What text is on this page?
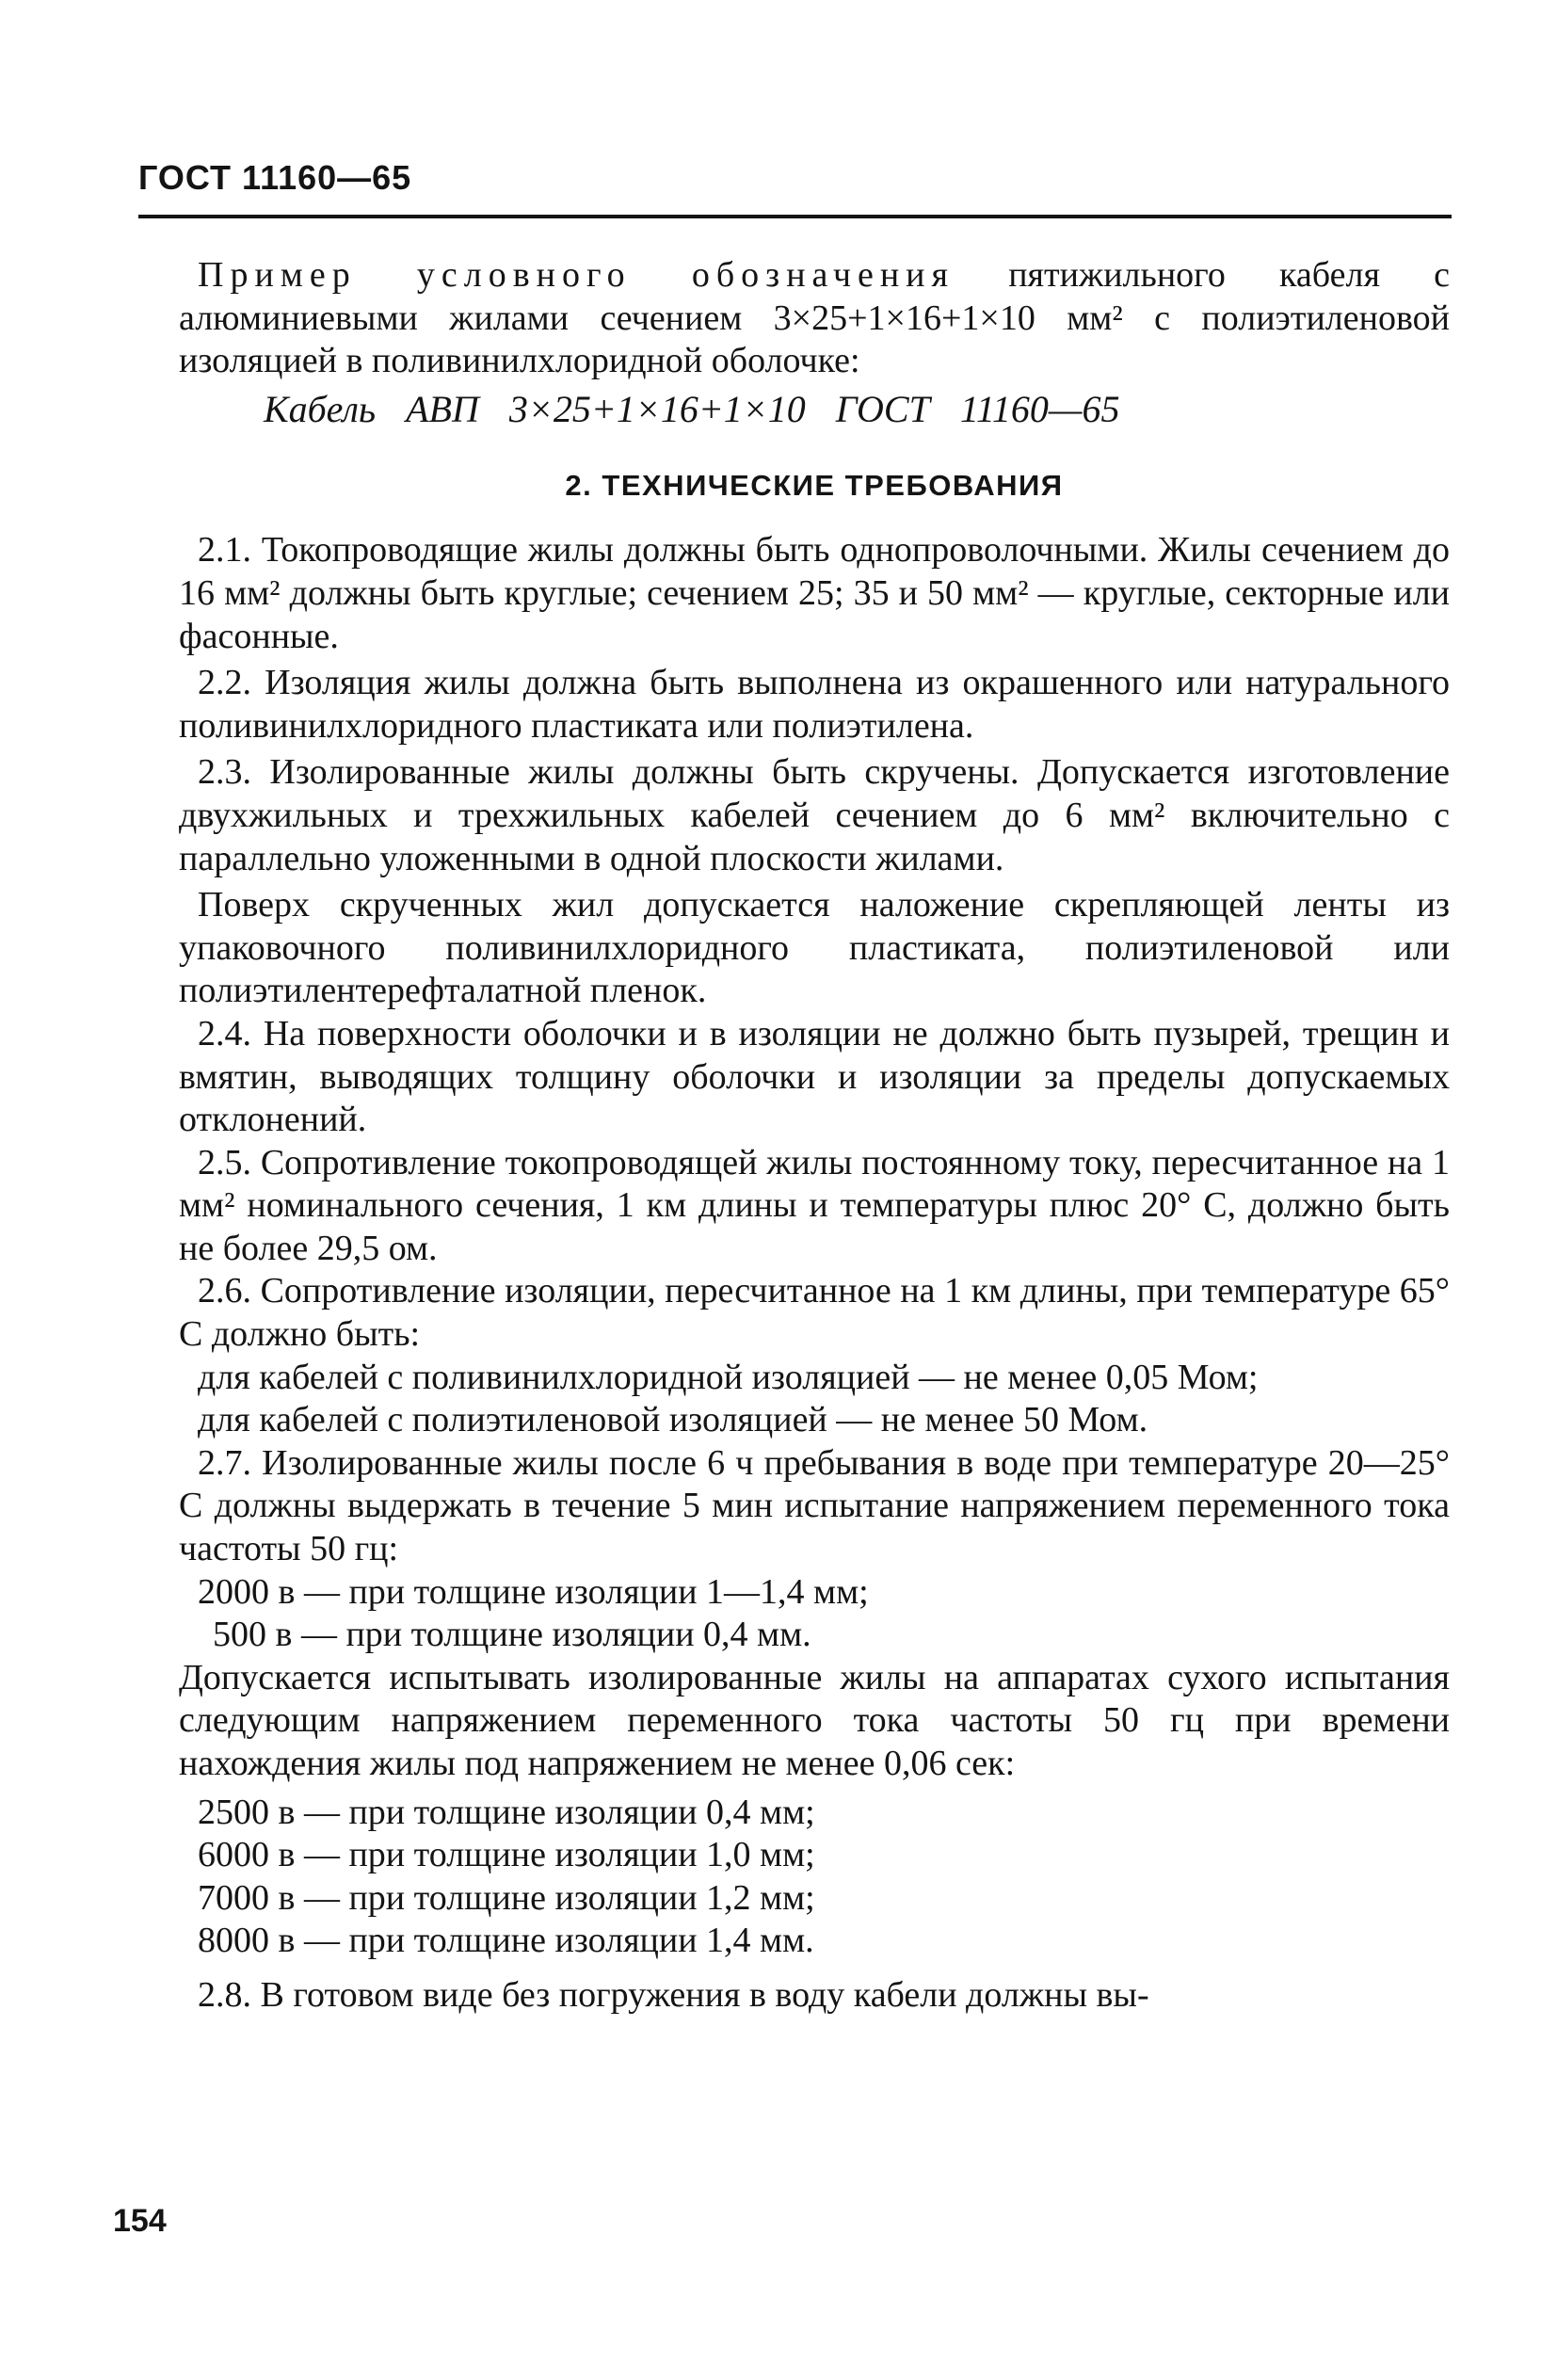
ГОСТ 11160—65

Пример условного обозначения пятижильного кабеля с алюминиевыми жилами сечением 3×25+1×16+1×10 мм² с полиэтиленовой изоляцией в поливинилхлоридной оболочке:

Кабель АВП 3×25+1×16+1×10 ГОСТ 11160—65

2. ТЕХНИЧЕСКИЕ ТРЕБОВАНИЯ

2.1. Токопроводящие жилы должны быть однопроволочными. Жилы сечением до 16 мм² должны быть круглые; сечением 25; 35 и 50 мм² — круглые, секторные или фасонные.

2.2. Изоляция жилы должна быть выполнена из окрашенного или натурального поливинилхлоридного пластиката или полиэтилена.

2.3. Изолированные жилы должны быть скручены. Допускается изготовление двухжильных и трехжильных кабелей сечением до 6 мм² включительно с параллельно уложенными в одной плоскости жилами.

Поверх скрученных жил допускается наложение скрепляющей ленты из упаковочного поливинилхлоридного пластиката, полиэтиленовой или полиэтилентерефталатной пленок.

2.4. На поверхности оболочки и в изоляции не должно быть пузырей, трещин и вмятин, выводящих толщину оболочки и изоляции за пределы допускаемых отклонений.

2.5. Сопротивление токопроводящей жилы постоянному току, пересчитанное на 1 мм² номинального сечения, 1 км длины и температуры плюс 20° С, должно быть не более 29,5 ом.

2.6. Сопротивление изоляции, пересчитанное на 1 км длины, при температуре 65° С должно быть:

для кабелей с поливинилхлоридной изоляцией — не менее 0,05 Мом;

для кабелей с полиэтиленовой изоляцией — не менее 50 Мом.

2.7. Изолированные жилы после 6 ч пребывания в воде при температуре 20—25° С должны выдержать в течение 5 мин испытание напряжением переменного тока частоты 50 гц:

2000 в — при толщине изоляции 1—1,4 мм;

500 в — при толщине изоляции 0,4 мм.

Допускается испытывать изолированные жилы на аппаратах сухого испытания следующим напряжением переменного тока частоты 50 гц при времени нахождения жилы под напряжением не менее 0,06 сек:

2500 в — при толщине изоляции 0,4 мм;

6000 в — при толщине изоляции 1,0 мм;

7000 в — при толщине изоляции 1,2 мм;

8000 в — при толщине изоляции 1,4 мм.

2.8. В готовом виде без погружения в воду кабели должны вы-

154
